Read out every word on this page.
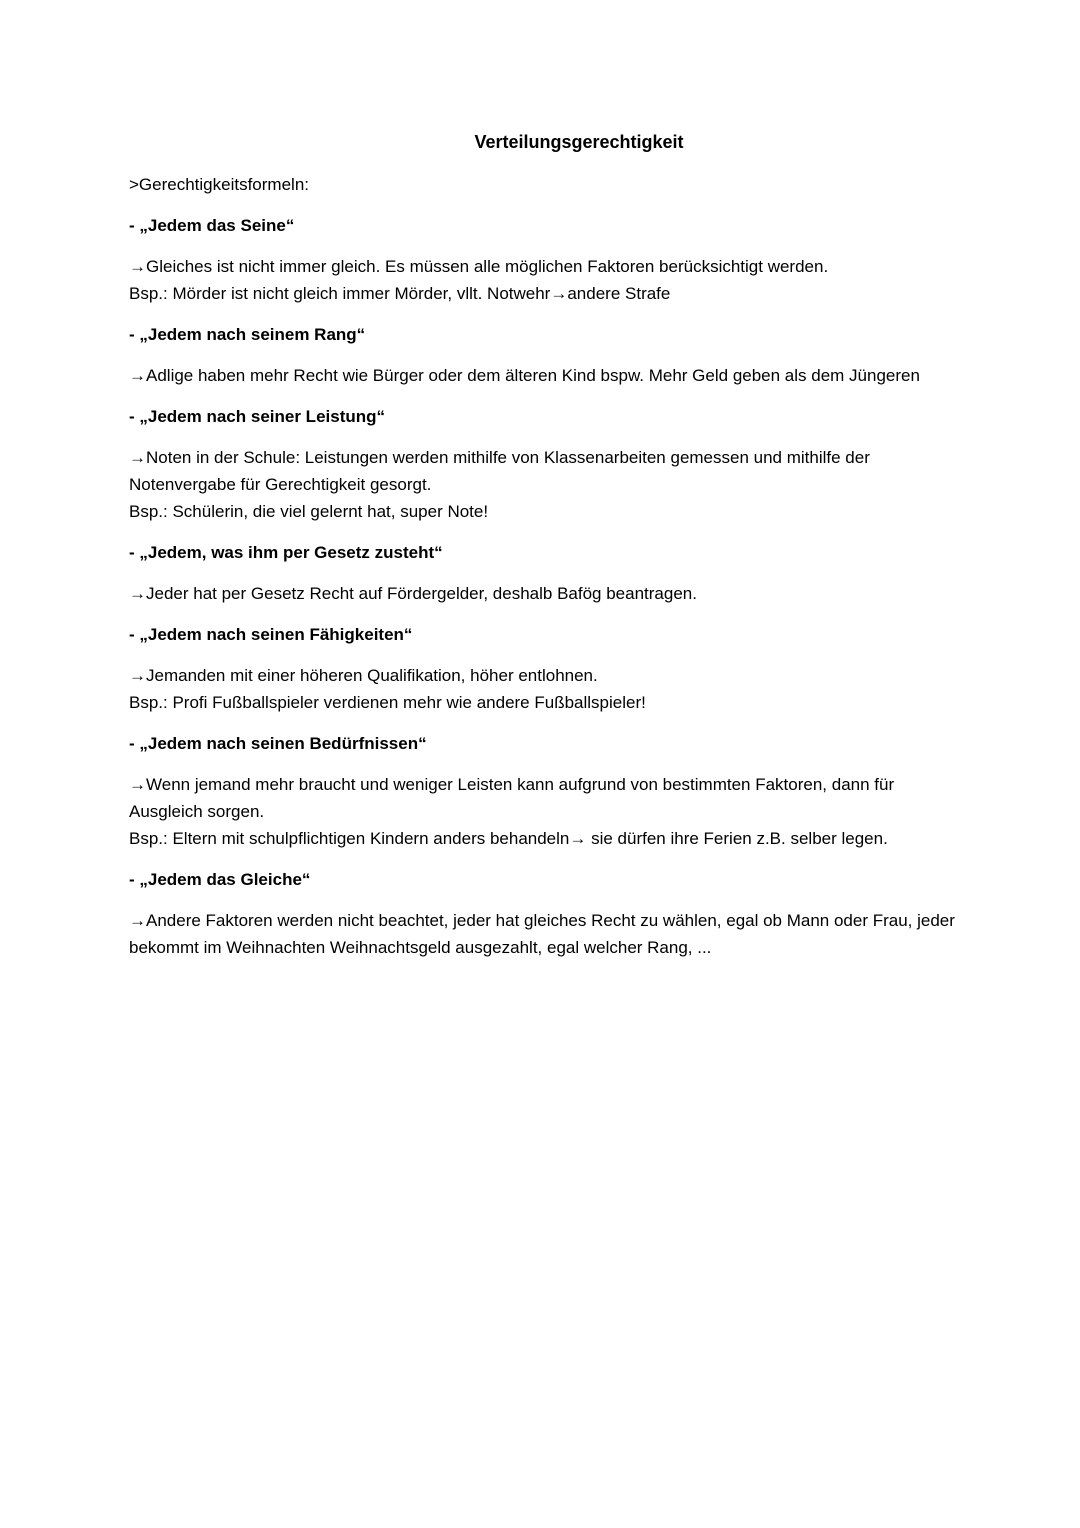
Verteilungsgerechtigkeit

>Gerechtigkeitsformeln:

- „Jedem das Seine“

→Gleiches ist nicht immer gleich. Es müssen alle möglichen Faktoren berücksichtigt werden.
Bsp.: Mörder ist nicht gleich immer Mörder, vllt. Notwehr→andere Strafe

- „Jedem nach seinem Rang“

→Adlige haben mehr Recht wie Bürger oder dem älteren Kind bspw. Mehr Geld geben als dem Jüngeren

- „Jedem nach seiner Leistung“

→Noten in der Schule: Leistungen werden mithilfe von Klassenarbeiten gemessen und mithilfe der
Notenvergabe für Gerechtigkeit gesorgt.
Bsp.: Schülerin, die viel gelernt hat, super Note!

- „Jedem, was ihm per Gesetz zusteht“

→Jeder hat per Gesetz Recht auf Fördergelder, deshalb Bafög beantragen.

- „Jedem nach seinen Fähigkeiten“

→Jemanden mit einer höheren Qualifikation, höher entlohnen.
Bsp.: Profi Fußballspieler verdienen mehr wie andere Fußballspieler!

- „Jedem nach seinen Bedürfnissen“

→Wenn jemand mehr braucht und weniger Leisten kann aufgrund von bestimmten Faktoren, dann für
Ausgleich sorgen.
Bsp.: Eltern mit schulpflichtigen Kindern anders behandeln→ sie dürfen ihre Ferien z.B. selber legen.

- „Jedem das Gleiche“

→Andere Faktoren werden nicht beachtet, jeder hat gleiches Recht zu wählen, egal ob Mann oder Frau, jeder
bekommt im Weihnachten Weihnachtsgeld ausgezahlt, egal welcher Rang, ...
